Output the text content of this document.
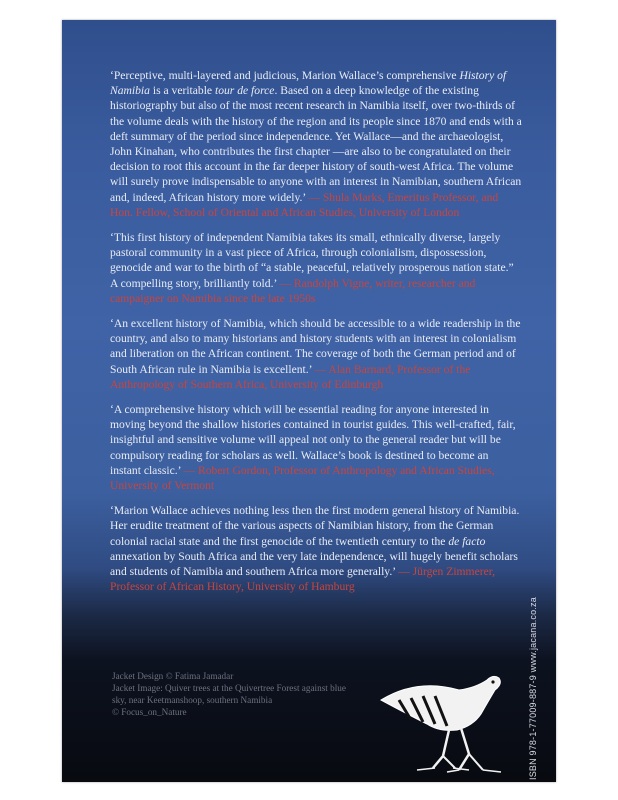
‘Perceptive, multi-layered and judicious, Marion Wallace’s comprehensive History of Namibia is a veritable tour de force. Based on a deep knowledge of the existing historiography but also of the most recent research in Namibia itself, over two-thirds of the volume deals with the history of the region and its people since 1870 and ends with a deft summary of the period since independence. Yet Wallace—and the archaeologist, John Kinahan, who contributes the first chapter —are also to be congratulated on their decision to root this account in the far deeper history of south-west Africa. The volume will surely prove indispensable to anyone with an interest in Namibian, southern African and, indeed, African history more widely.’ — Shula Marks, Emeritus Professor, and Hon. Fellow, School of Oriental and African Studies, University of London

‘This first history of independent Namibia takes its small, ethnically diverse, largely pastoral community in a vast piece of Africa, through colonialism, dispossession, genocide and war to the birth of “a stable, peaceful, relatively prosperous nation state.” A compelling story, brilliantly told.’ — Randolph Vigne, writer, researcher and campaigner on Namibia since the late 1950s

‘An excellent history of Namibia, which should be accessible to a wide readership in the country, and also to many historians and history students with an interest in colonialism and liberation on the African continent. The coverage of both the German period and of South African rule in Namibia is excellent.’ — Alan Barnard, Professor of the Anthropology of Southern Africa, University of Edinburgh

‘A comprehensive history which will be essential reading for anyone interested in moving beyond the shallow histories contained in tourist guides. This well-crafted, fair, insightful and sensitive volume will appeal not only to the general reader but will be compulsory reading for scholars as well. Wallace’s book is destined to become an instant classic.’ — Robert Gordon, Professor of Anthropology and African Studies, University of Vermont

‘Marion Wallace achieves nothing less then the first modern general history of Namibia. Her erudite treatment of the various aspects of Namibian history, from the German colonial racial state and the first genocide of the twentieth century to the de facto annexation by South Africa and the very late independence, will hugely benefit scholars and students of Namibia and southern Africa more generally.’ — Jürgen Zimmerer, Professor of African History, University of Hamburg

Jacket Design © Fatima Jamadar
Jacket Image: Quiver trees at the Quivertree Forest against blue sky, near Keetmanshoop, southern Namibia
© Focus_on_Nature	ISBN 978-1-77009-887-9 www.jacana.co.za
